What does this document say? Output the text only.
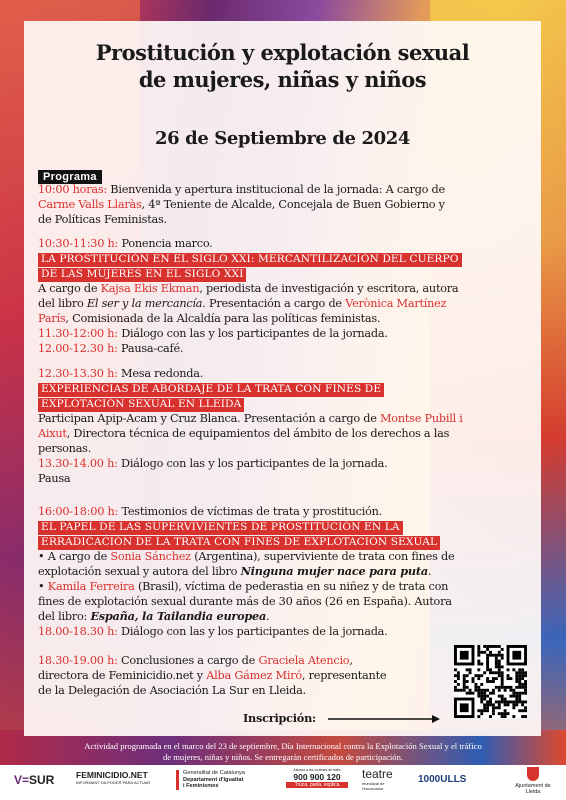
Prostitución y explotación sexual
de mujeres, niñas y niños
26 de Septiembre de 2024
Programa
10:00 horas: Bienvenida y apertura institucional de la jornada: A cargo de
Carme Valls Llaràs, 4ª Teniente de Alcalde, Concejala de Buen Gobierno y
de Políticas Feministas.
10:30-11:30 h: Ponencia marco.
LA PROSTITUCIÓN EN EL SIGLO XXI: MERCANTILIZACIÓN DEL CUERPO
DE LAS MUJERES EN EL SIGLO XXI
A cargo de Kajsa Ekis Ekman, periodista de investigación y escritora, autora
del libro El ser y la mercancía. Presentación a cargo de Verònica Martínez
París, Comisionada de la Alcaldía para las políticas feministas.
11.30-12:00 h: Diálogo con las y los participantes de la jornada.
12.00-12.30 h: Pausa-café.
12.30-13.30 h: Mesa redonda.
EXPERIENCIAS DE ABORDAJE DE LA TRATA CON FINES DE
EXPLOTACIÓN SEXUAL EN LLEIDA
Participan Apip-Acam y Cruz Blanca. Presentación a cargo de Montse Pubill i
Aixut, Directora técnica de equipamientos del ámbito de los derechos a las
personas.
13.30-14.00 h: Diálogo con las y los participantes de la jornada.
Pausa
16:00-18:00 h: Testimonios de víctimas de trata y prostitución.
EL PAPEL DE LAS SUPERVIVIENTES DE PROSTITUCIÓN EN LA
ERRADICACIÓN DE LA TRATA CON FINES DE EXPLOTACIÓN SEXUAL
• A cargo de Sonia Sánchez (Argentina), superviviente de trata con fines de
explotación sexual y autora del libro Ninguna mujer nace para puta.
• Kamila Ferreira (Brasil), víctima de pederastia en su niñez y de trata con
fines de explotación sexual durante más de 30 años (26 en España). Autora
del libro: España, la Tailandia europea.
18.00-18.30 h: Diálogo con las y los participantes de la jornada.
18.30-19.00 h: Conclusiones a cargo de Graciela Atencio,
directora de Feminicidio.net y Alba Gámez Miró, representante
de la Delegación de Asociación La Sur en Lleida.
Inscripción:
Actividad programada en el marco del 23 de septiembre, Día Internacional contra la Explotación Sexual y el tráfico
de mujeres, niñas y niños. Se entregarán certificados de participación.
V=SUR	FEMINICIDIO.NET
INFORMANT DA PODER PARA ACTUAR
Generalitat de Catalunya
Departament d'Igualtat
i Feminismes
Atenció a les víctimes de tràfic
900 900 120
Truca, parla, explica
teatre
municipal de l'escorxador
1000ULLS
Ajuntament de Lleida
